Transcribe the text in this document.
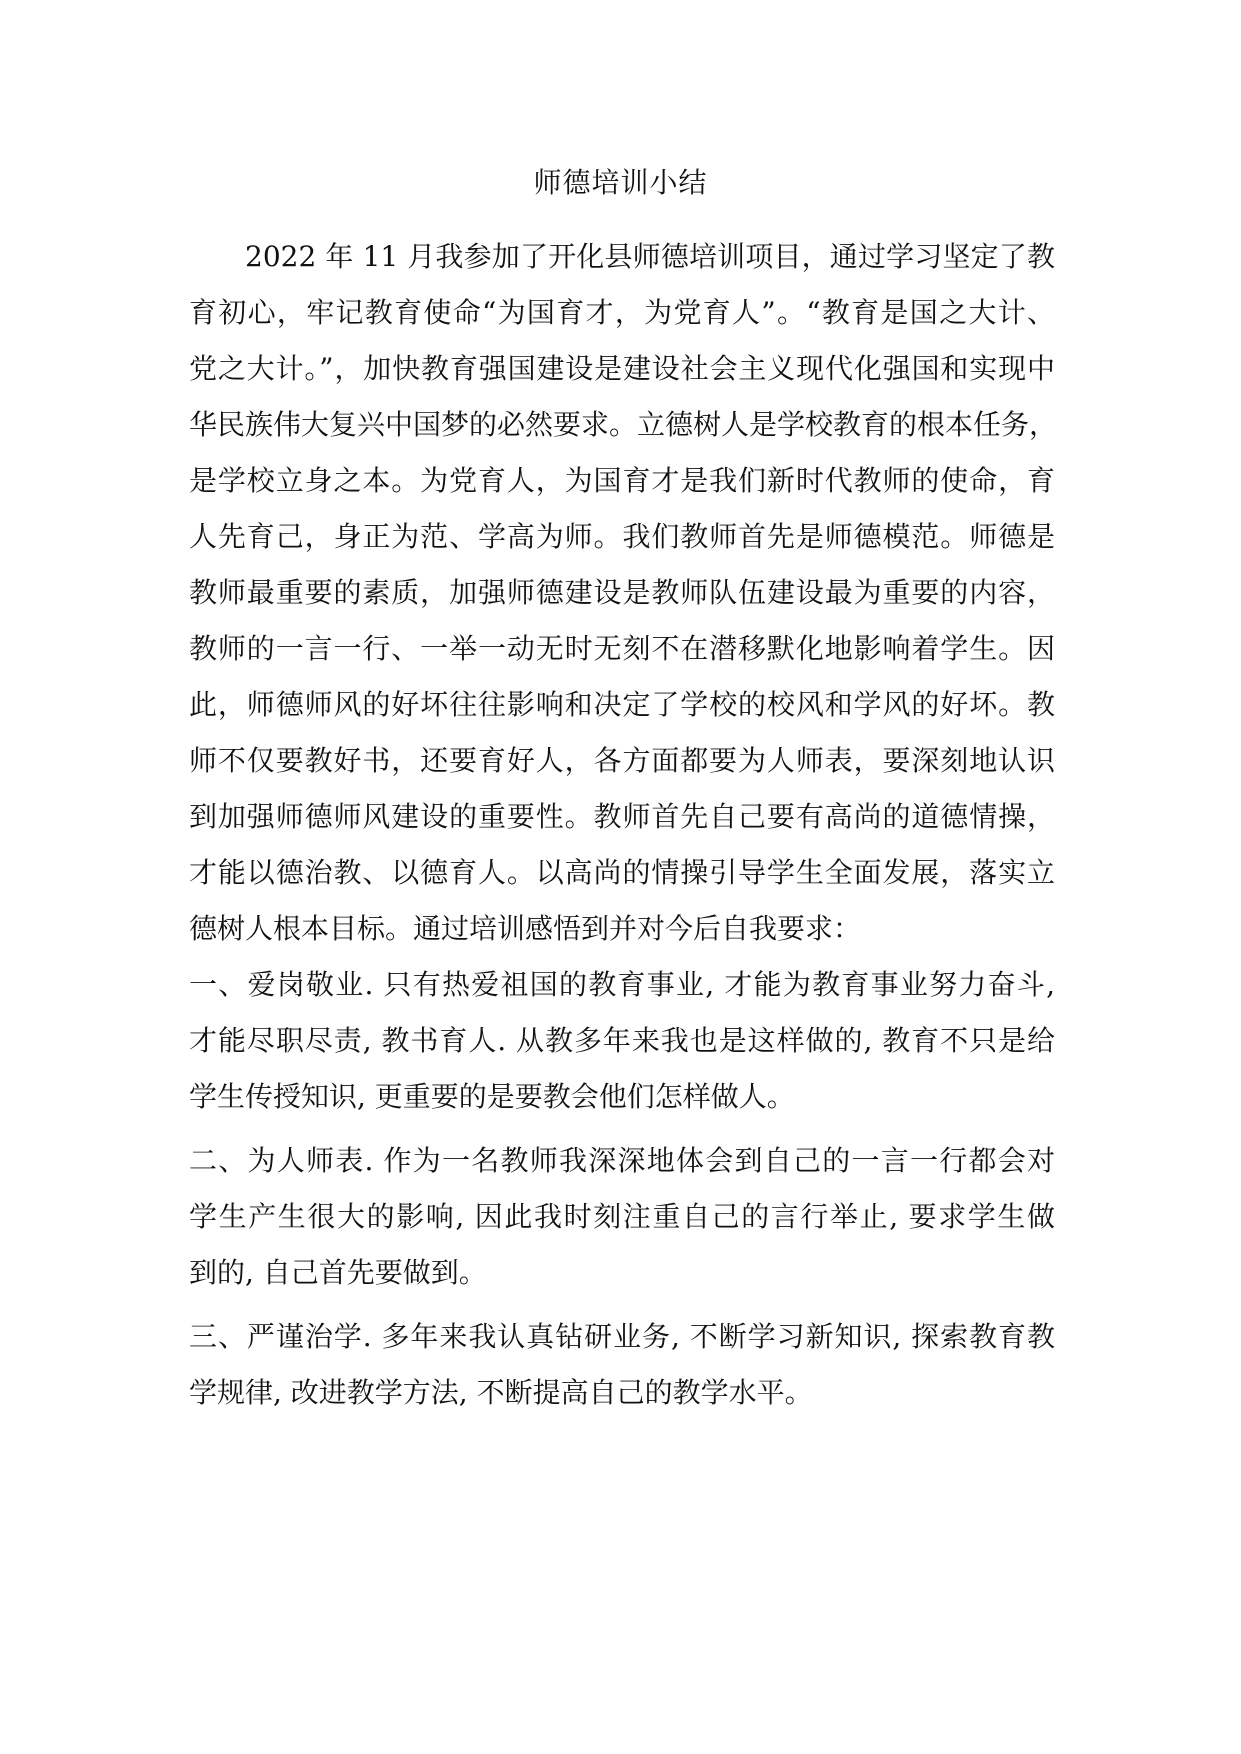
师德培训小结
2022 年 11 月我参加了开化县师德培训项目，通过学习坚定了教
育初心，牢记教育使命“为国育才，为党育人”。“教育是国之大计、
党之大计。”，加快教育强国建设是建设社会主义现代化强国和实现中
华民族伟大复兴中国梦的必然要求。立德树人是学校教育的根本任务，
是学校立身之本。为党育人，为国育才是我们新时代教师的使命，育
人先育己，身正为范、学高为师。我们教师首先是师德模范。师德是
教师最重要的素质，加强师德建设是教师队伍建设最为重要的内容，
教师的一言一行、一举一动无时无刻不在潜移默化地影响着学生。因
此，师德师风的好坏往往影响和决定了学校的校风和学风的好坏。教
师不仅要教好书，还要育好人，各方面都要为人师表，要深刻地认识
到加强师德师风建设的重要性。教师首先自己要有高尚的道德情操，
才能以德治教、以德育人。以高尚的情操引导学生全面发展，落实立
德树人根本目标。通过培训感悟到并对今后自我要求：
一、爱岗敬业. 只有热爱祖国的教育事业, 才能为教育事业努力奋斗,
才能尽职尽责, 教书育人. 从教多年来我也是这样做的, 教育不只是给
学生传授知识, 更重要的是要教会他们怎样做人。
二、为人师表. 作为一名教师我深深地体会到自己的一言一行都会对
学生产生很大的影响, 因此我时刻注重自己的言行举止, 要求学生做
到的, 自己首先要做到。
三、严谨治学. 多年来我认真钻研业务, 不断学习新知识, 探索教育教
学规律, 改进教学方法, 不断提高自己的教学水平。
